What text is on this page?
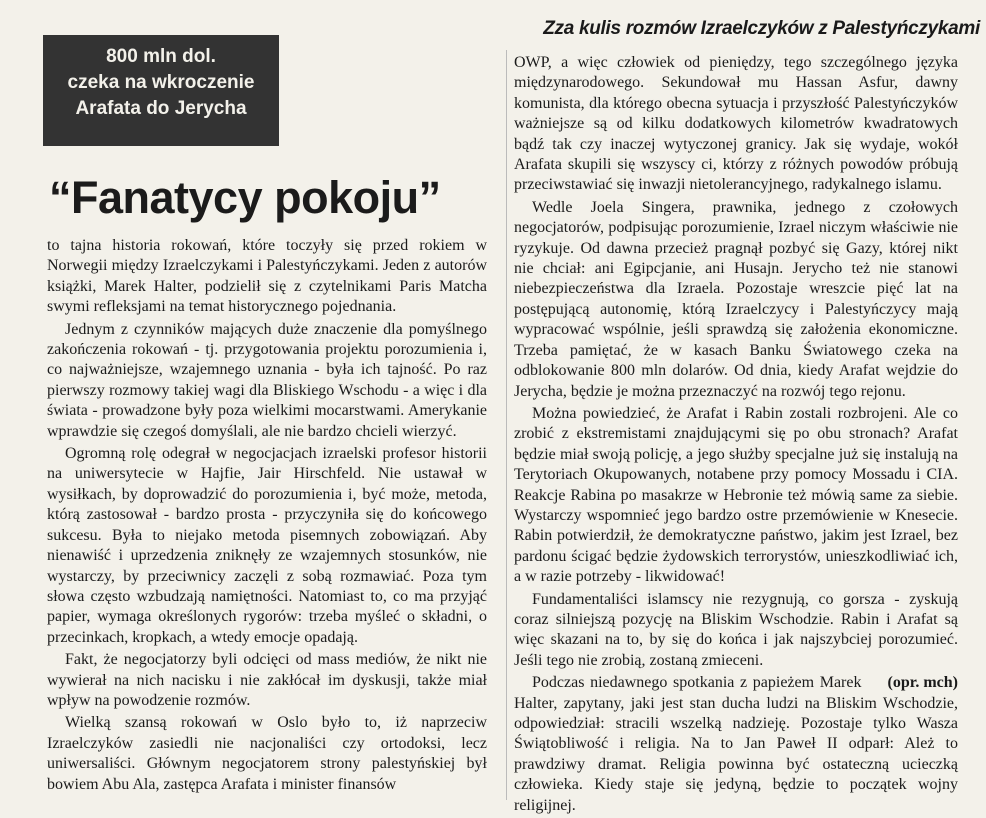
Zza kulis rozmów Izraelczyków z Palestyńczykami
800 mln dol.
czeka na wkroczenie
Arafata do Jerycha
“Fanatycy pokoju”

to tajna historia rokowań, które toczyły się przed rokiem w Norwegii między Izraelczykami i Palestyńczykami. Jeden z autorów książki, Marek Halter, podzielił się z czytelnikami Paris Matcha swymi refleksjami na temat historycznego pojednania.

Jednym z czynników mających duże znaczenie dla pomyślnego zakończenia rokowań - tj. przygotowania projektu porozumienia i, co najważniejsze, wzajemnego uznania - była ich tajność. Po raz pierwszy rozmowy takiej wagi dla Bliskiego Wschodu - a więc i dla świata - prowadzone były poza wielkimi mocarstwami. Amerykanie wprawdzie się czegoś domyślali, ale nie bardzo chcieli wierzyć.

Ogromną rolę odegrał w negocjacjach izraelski profesor historii na uniwersytecie w Hajfie, Jair Hirschfeld. Nie ustawał w wysiłkach, by doprowadzić do porozumienia i, być może, metoda, którą zastosował - bardzo prosta - przyczyniła się do końcowego sukcesu. Była to niejako metoda pisemnych zobowiązań. Aby nienawiść i uprzedzenia zniknęły ze wzajemnych stosunków, nie wystarczy, by przeciwnicy zaczęli z sobą rozmawiać. Poza tym słowa często wzbudzają namiętności. Natomiast to, co ma przyjąć papier, wymaga określonych rygorów: trzeba myśleć o składni, o przecinkach, kropkach, a wtedy emocje opadają.

Fakt, że negocjatorzy byli odcięci od mass mediów, że nikt nie wywierał na nich nacisku i nie zakłócał im dyskusji, także miał wpływ na powodzenie rozmów.

Wielką szansą rokowań w Oslo było to, iż naprzeciw Izraelczyków zasiedli nie nacjonaliści czy ortodoksi, lecz uniwersaliści. Głównym negocjatorem strony palestyńskiej był bowiem Abu Ala, zastępca Arafata i minister finansów

OWP, a więc człowiek od pieniędzy, tego szczególnego języka międzynarodowego. Sekundował mu Hassan Asfur, dawny komunista, dla którego obecna sytuacja i przyszłość Palestyńczyków ważniejsze są od kilku dodatkowych kilometrów kwadratowych bądź tak czy inaczej wytyczonej granicy. Jak się wydaje, wokół Arafata skupili się wszyscy ci, którzy z różnych powodów próbują przeciwstawiać się inwazji nietolerancyjnego, radykalnego islamu.

Wedle Joela Singera, prawnika, jednego z czołowych negocjatorów, podpisując porozumienie, Izrael niczym właściwie nie ryzykuje. Od dawna przecież pragnął pozbyć się Gazy, której nikt nie chciał: ani Egipcjanie, ani Husajn. Jerycho też nie stanowi niebezpieczeństwa dla Izraela. Pozostaje wreszcie pięć lat na postępującą autonomię, którą Izraelczycy i Palestyńczycy mają wypracować wspólnie, jeśli sprawdzą się założenia ekonomiczne. Trzeba pamiętać, że w kasach Banku Światowego czeka na odblokowanie 800 mln dolarów. Od dnia, kiedy Arafat wejdzie do Jerycha, będzie je można przeznaczyć na rozwój tego rejonu.

Można powiedzieć, że Arafat i Rabin zostali rozbrojeni. Ale co zrobić z ekstremistami znajdującymi się po obu stronach? Arafat będzie miał swoją policję, a jego służby specjalne już się instalują na Terytoriach Okupowanych, notabene przy pomocy Mossadu i CIA. Reakcje Rabina po masakrze w Hebronie też mówią same za siebie. Wystarczy wspomnieć jego bardzo ostre przemówienie w Knesecie. Rabin potwierdził, że demokratyczne państwo, jakim jest Izrael, bez pardonu ścigać będzie żydowskich terrorystów, unieszkodliwiać ich, a w razie potrzeby - likwidować!

Fundamentaliści islamscy nie rezygnują, co gorsza - zyskują coraz silniejszą pozycję na Bliskim Wschodzie. Rabin i Arafat są więc skazani na to, by się do końca i jak najszybciej porozumieć. Jeśli tego nie zrobią, zostaną zmieceni.

(opr. mch)
Podczas niedawnego spotkania z papieżem Marek Halter, zapytany, jaki jest stan ducha ludzi na Bliskim Wschodzie, odpowiedział: stracili wszelką nadzieję. Pozostaje tylko Wasza Świątobliwość i religia. Na to Jan Paweł II odparł: Ależ to prawdziwy dramat. Religia powinna być ostateczną ucieczką człowieka. Kiedy staje się jedyną, będzie to początek wojny religijnej.
